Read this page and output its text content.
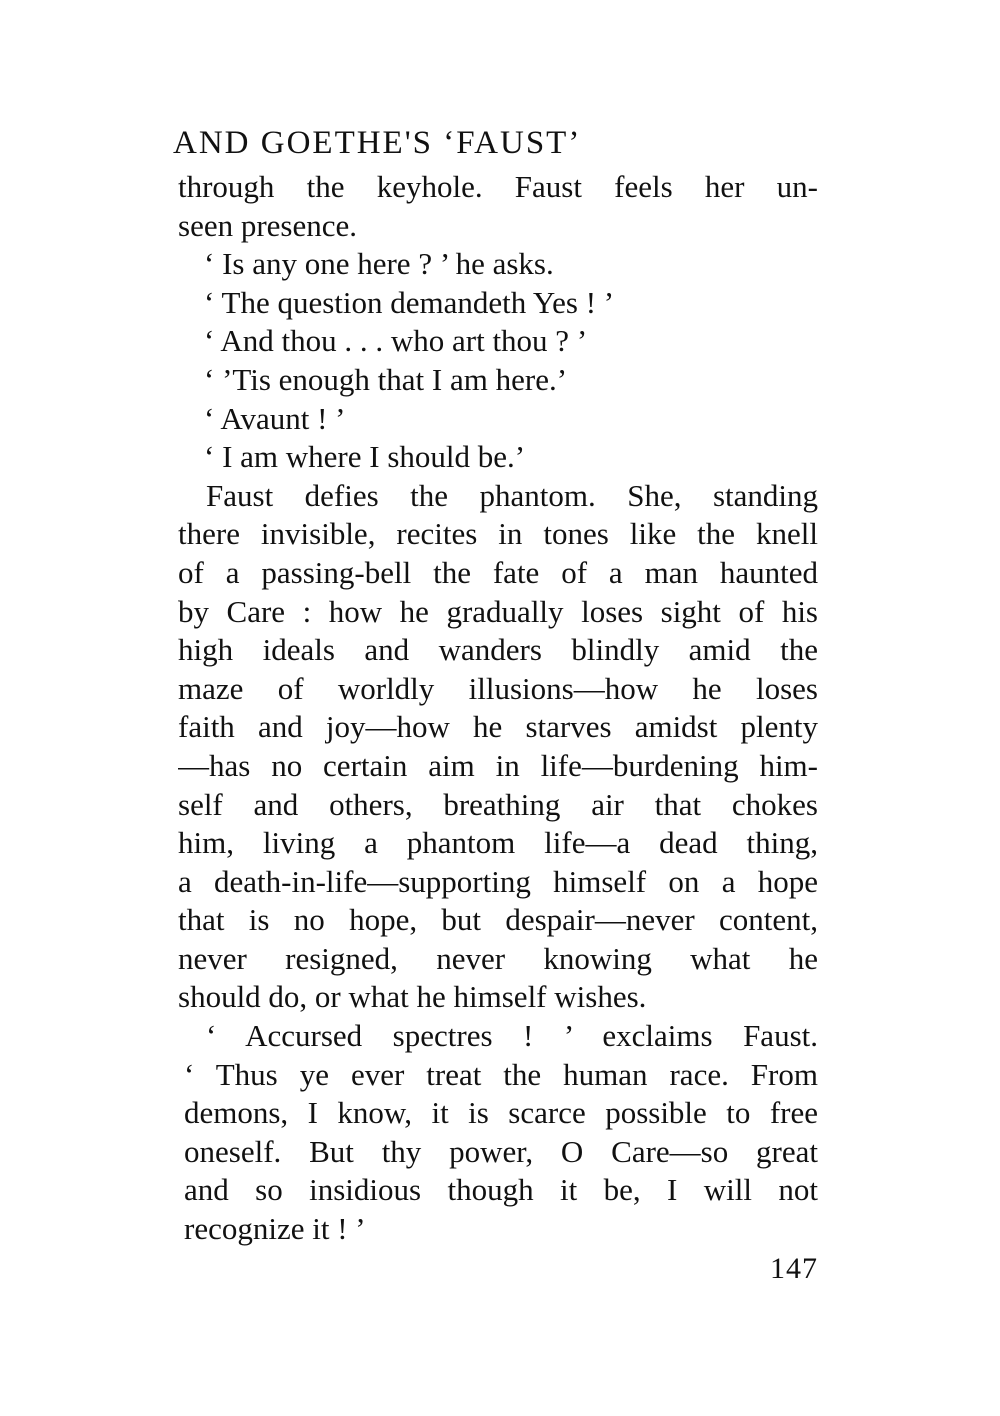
AND GOETHE'S ‘FAUST’
through the keyhole. Faust feels her un-
seen presence.
‘ Is any one here ? ’ he asks.
‘ The question demandeth Yes ! ’
‘ And thou . . . who art thou ? ’
‘ ’Tis enough that I am here.’
‘ Avaunt ! ’
‘ I am where I should be.’
Faust defies the phantom. She, standing
there invisible, recites in tones like the knell
of a passing-bell the fate of a man haunted
by Care : how he gradually loses sight of his
high ideals and wanders blindly amid the
maze of worldly illusions—how he loses
faith and joy—how he starves amidst plenty
—has no certain aim in life—burdening him-
self and others, breathing air that chokes
him, living a phantom life—a dead thing,
a death-in-life—supporting himself on a hope
that is no hope, but despair—never content,
never resigned, never knowing what he
should do, or what he himself wishes.
‘ Accursed spectres ! ’ exclaims Faust.
‘ Thus ye ever treat the human race. From
demons, I know, it is scarce possible to free
oneself. But thy power, O Care—so great
and so insidious though it be, I will not
recognize it ! ’
147
